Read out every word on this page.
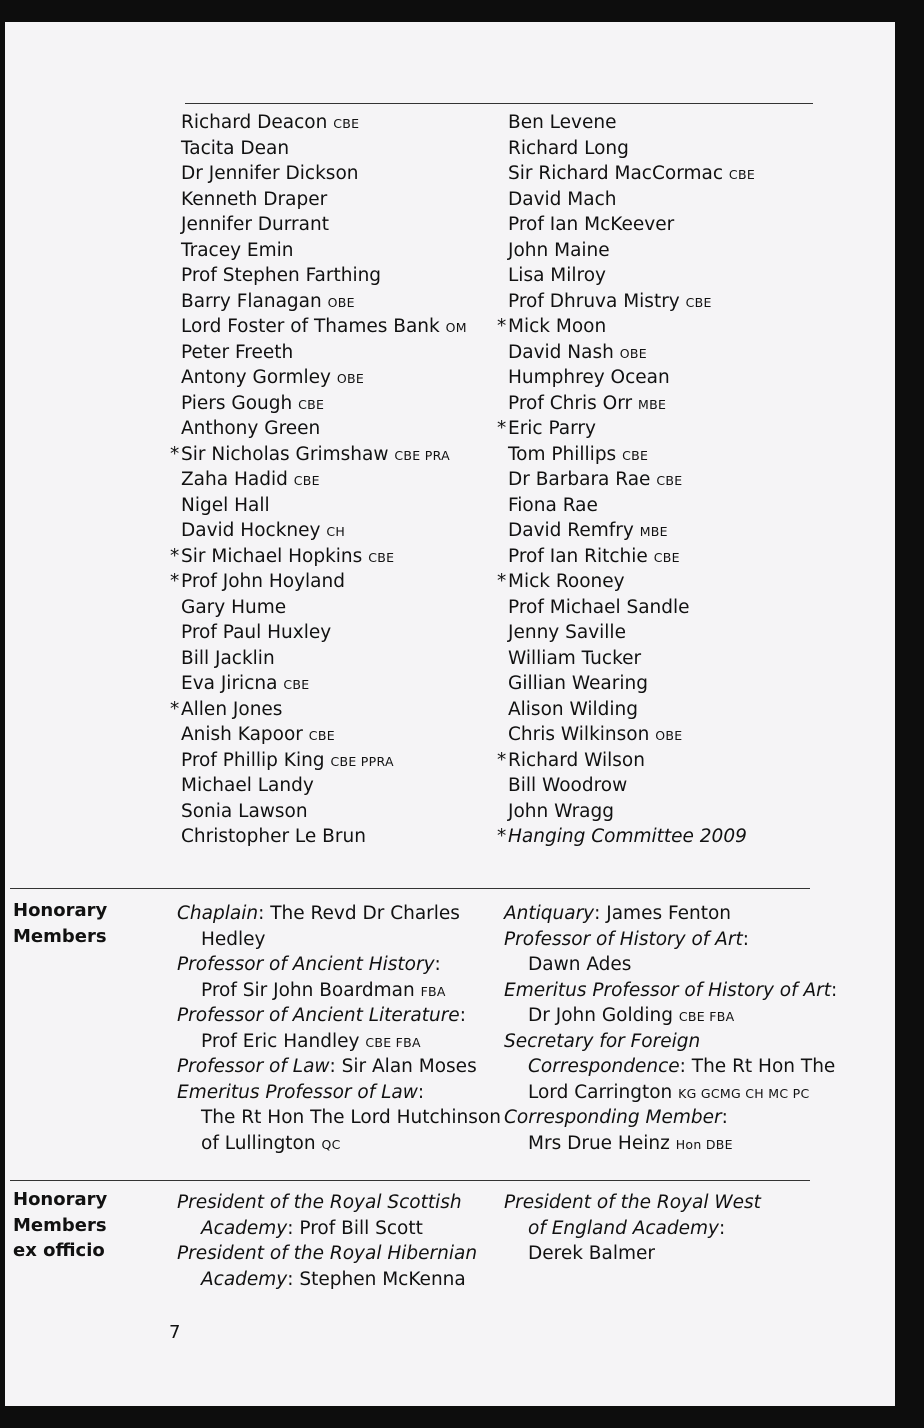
Richard Deacon CBE
Tacita Dean
Dr Jennifer Dickson
Kenneth Draper
Jennifer Durrant
Tracey Emin
Prof Stephen Farthing
Barry Flanagan OBE
Lord Foster of Thames Bank OM
Peter Freeth
Antony Gormley OBE
Piers Gough CBE
Anthony Green
*Sir Nicholas Grimshaw CBE PRA
Zaha Hadid CBE
Nigel Hall
David Hockney CH
*Sir Michael Hopkins CBE
*Prof John Hoyland
Gary Hume
Prof Paul Huxley
Bill Jacklin
Eva Jiricna CBE
*Allen Jones
Anish Kapoor CBE
Prof Phillip King CBE PPRA
Michael Landy
Sonia Lawson
Christopher Le Brun
Ben Levene
Richard Long
Sir Richard MacCormac CBE
David Mach
Prof Ian McKeever
John Maine
Lisa Milroy
Prof Dhruva Mistry CBE
*Mick Moon
David Nash OBE
Humphrey Ocean
Prof Chris Orr MBE
*Eric Parry
Tom Phillips CBE
Dr Barbara Rae CBE
Fiona Rae
David Remfry MBE
Prof Ian Ritchie CBE
*Mick Rooney
Prof Michael Sandle
Jenny Saville
William Tucker
Gillian Wearing
Alison Wilding
Chris Wilkinson OBE
*Richard Wilson
Bill Woodrow
John Wragg
*Hanging Committee 2009
Honorary
Members
Chaplain: The Revd Dr Charles
Hedley
Professor of Ancient History:
Prof Sir John Boardman FBA
Professor of Ancient Literature:
Prof Eric Handley CBE FBA
Professor of Law: Sir Alan Moses
Emeritus Professor of Law:
The Rt Hon The Lord Hutchinson
of Lullington QC
Antiquary: James Fenton
Professor of History of Art:
Dawn Ades
Emeritus Professor of History of Art:
Dr John Golding CBE FBA
Secretary for Foreign
Correspondence: The Rt Hon The
Lord Carrington KG GCMG CH MC PC
Corresponding Member:
Mrs Drue Heinz Hon DBE
Honorary
Members
ex officio
President of the Royal Scottish
Academy: Prof Bill Scott
President of the Royal Hibernian
Academy: Stephen McKenna
President of the Royal West
of England Academy:
Derek Balmer
7
